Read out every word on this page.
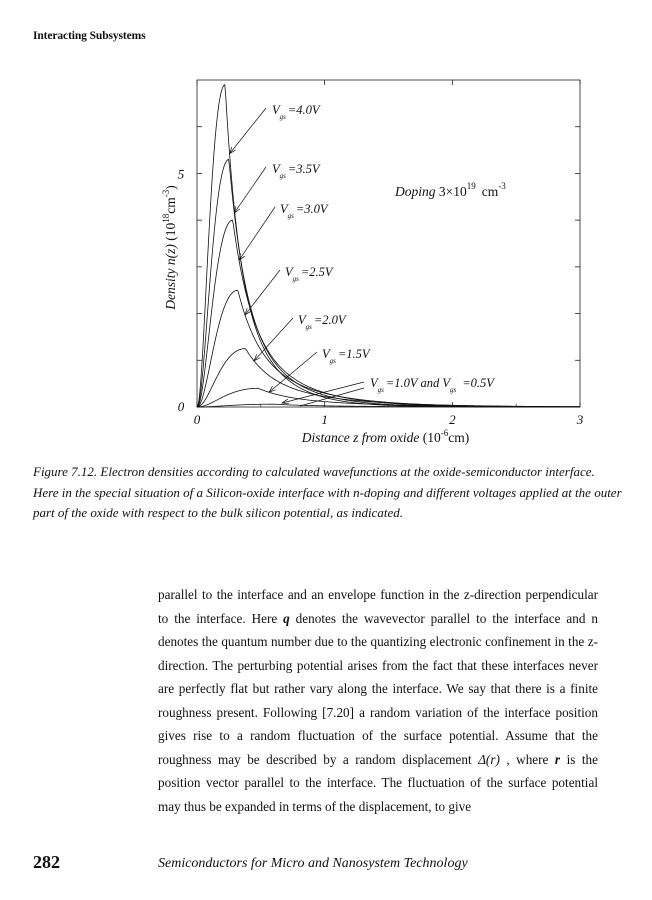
Interacting Subsystems
0	1	2	3
0
5
Distance z from oxide $(10^{-6}cm)$
Density n(z) $(10^{18}cm^{-3})$
$V_{gs} =4.0V$
$V_{gs} =3.5V$
$V_{gs} =3.0V$
$V_{gs} =2.5V$
$V_{gs} =2.0V$
$V_{gs} =1.5V$
$V_{gs} =1.0V$ and $V_{gs} =0.5V$
Doping $3\times 10^{19}$ $cm^{-3}$

Figure 7.12. Electron densities according to calculated wavefunctions at the oxide-semiconductor interface. Here in the special situation of a Silicon-oxide interface with n-doping and different voltages applied at the outer part of the oxide with respect to the bulk silicon potential, as indicated.

parallel to the interface and an envelope function in the z-direction perpendicular to the interface. Here q denotes the wavevector parallel to the interface and n denotes the quantum number due to the quantizing electronic confinement in the z-direction. The perturbing potential arises from the fact that these interfaces never are perfectly flat but rather vary along the interface. We say that there is a finite roughness present. Following [7.20] a random variation of the interface position gives rise to a random fluctuation of the surface potential. Assume that the roughness may be described by a random displacement Δ(r) , where r is the position vector parallel to the interface. The fluctuation of the surface potential may thus be expanded in terms of the displacement, to give

282	Semiconductors for Micro and Nanosystem Technology
